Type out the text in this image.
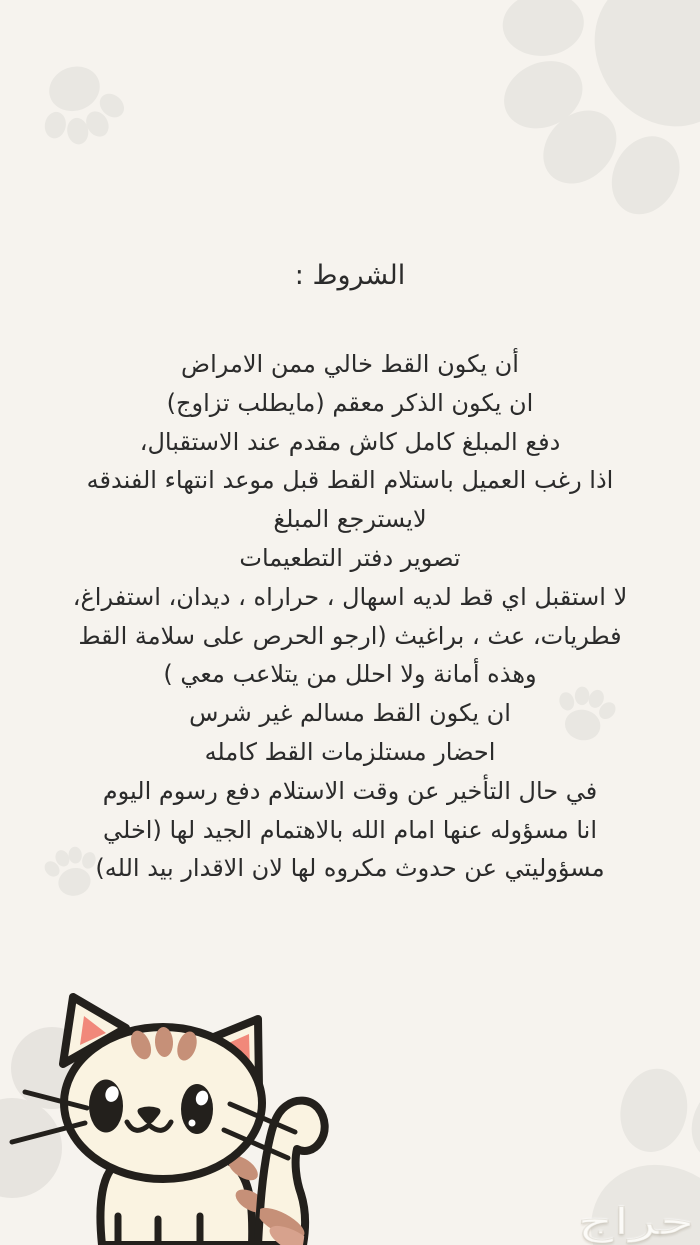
الشروط :
أن يكون القط خالي ممن الامراض
ان يكون الذكر معقم (مايطلب تزاوج)
دفع المبلغ كامل كاش مقدم عند الاستقبال،
اذا رغب العميل باستلام القط قبل موعد انتهاء الفندقه
لايسترجع المبلغ
تصوير دفتر التطعيمات
لا استقبل اي قط لديه اسهال ، حراراه ، ديدان، استفراغ،
فطريات، عث ، براغيث (ارجو الحرص على سلامة القط
وهذه أمانة ولا احلل من يتلاعب معي )
ان يكون القط مسالم غير شرس
احضار مستلزمات القط كامله
في حال التأخير عن وقت الاستلام دفع رسوم اليوم
انا مسؤوله عنها امام الله بالاهتمام الجيد لها (اخلي
مسؤوليتي عن حدوث مكروه لها لان الاقدار بيد الله)
حراج
